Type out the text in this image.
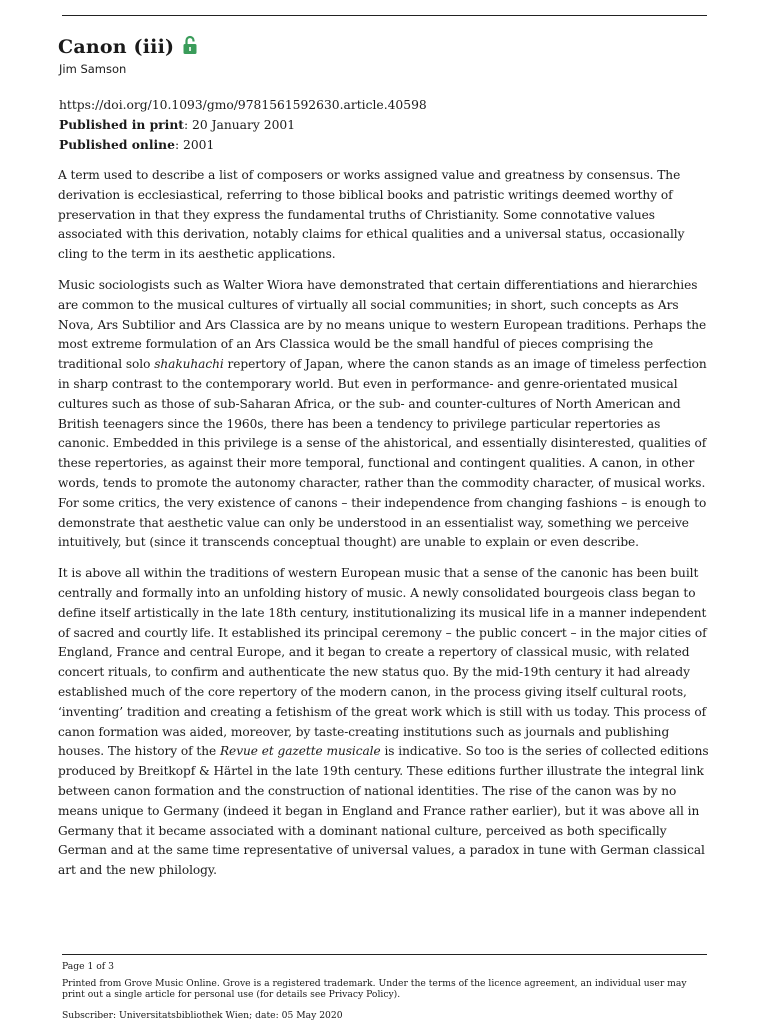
Canon (iii)
Jim Samson
https://doi.org/10.1093/gmo/9781561592630.article.40598
Published in print: 20 January 2001
Published online: 2001

A term used to describe a list of composers or works assigned value and greatness by consensus. The derivation is ecclesiastical, referring to those biblical books and patristic writings deemed worthy of preservation in that they express the fundamental truths of Christianity. Some connotative values associated with this derivation, notably claims for ethical qualities and a universal status, occasionally cling to the term in its aesthetic applications.

Music sociologists such as Walter Wiora have demonstrated that certain differentiations and hierarchies are common to the musical cultures of virtually all social communities; in short, such concepts as Ars Nova, Ars Subtilior and Ars Classica are by no means unique to western European traditions. Perhaps the most extreme formulation of an Ars Classica would be the small handful of pieces comprising the traditional solo shakuhachi repertory of Japan, where the canon stands as an image of timeless perfection in sharp contrast to the contemporary world. But even in performance- and genre-orientated musical cultures such as those of sub-Saharan Africa, or the sub- and counter-cultures of North American and British teenagers since the 1960s, there has been a tendency to privilege particular repertories as canonic. Embedded in this privilege is a sense of the ahistorical, and essentially disinterested, qualities of these repertories, as against their more temporal, functional and contingent qualities. A canon, in other words, tends to promote the autonomy character, rather than the commodity character, of musical works. For some critics, the very existence of canons – their independence from changing fashions – is enough to demonstrate that aesthetic value can only be understood in an essentialist way, something we perceive intuitively, but (since it transcends conceptual thought) are unable to explain or even describe.

It is above all within the traditions of western European music that a sense of the canonic has been built centrally and formally into an unfolding history of music. A newly consolidated bourgeois class began to define itself artistically in the late 18th century, institutionalizing its musical life in a manner independent of sacred and courtly life. It established its principal ceremony – the public concert – in the major cities of England, France and central Europe, and it began to create a repertory of classical music, with related concert rituals, to confirm and authenticate the new status quo. By the mid-19th century it had already established much of the core repertory of the modern canon, in the process giving itself cultural roots, ‘inventing’ tradition and creating a fetishism of the great work which is still with us today. This process of canon formation was aided, moreover, by taste-creating institutions such as journals and publishing houses. The history of the Revue et gazette musicale is indicative. So too is the series of collected editions produced by Breitkopf & Härtel in the late 19th century. These editions further illustrate the integral link between canon formation and the construction of national identities. The rise of the canon was by no means unique to Germany (indeed it began in England and France rather earlier), but it was above all in Germany that it became associated with a dominant national culture, perceived as both specifically German and at the same time representative of universal values, a paradox in tune with German classical art and the new philology.

Page 1 of 3
Printed from Grove Music Online. Grove is a registered trademark. Under the terms of the licence agreement, an individual user may print out a single article for personal use (for details see Privacy Policy).
Subscriber: Universitatsbibliothek Wien; date: 05 May 2020
